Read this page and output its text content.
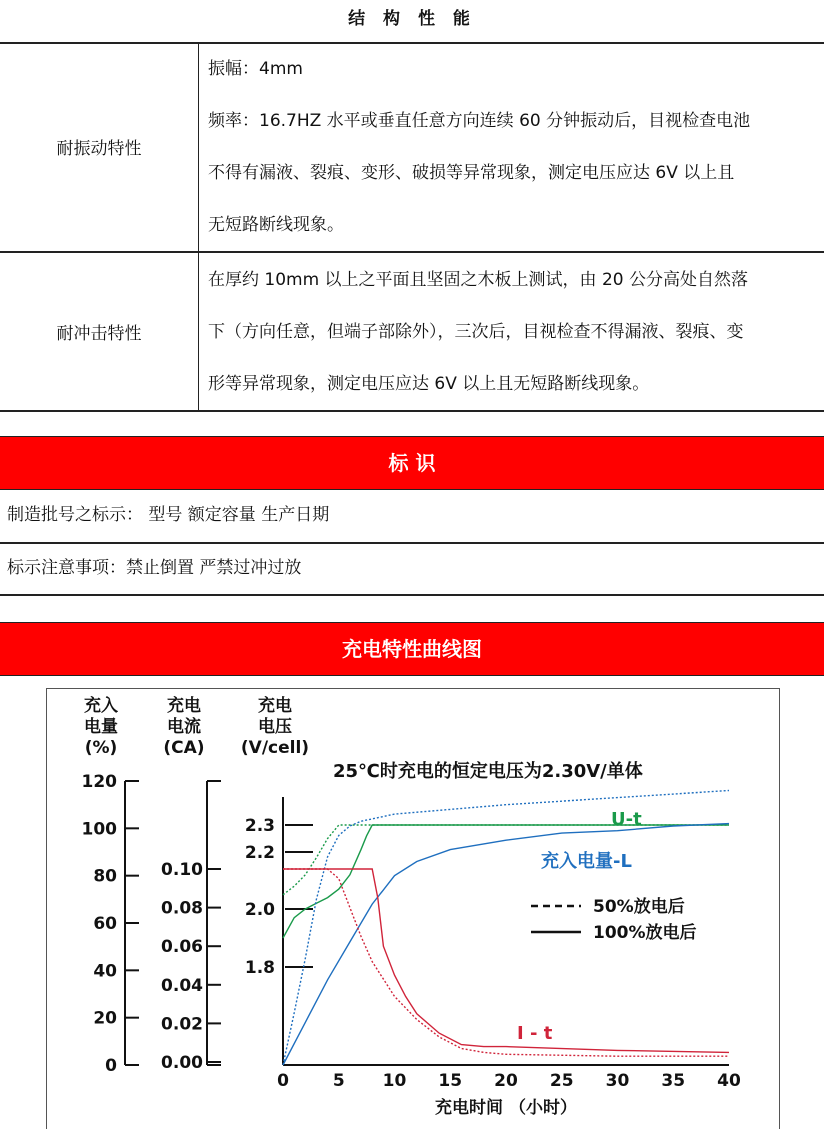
结 构 性 能
耐振动特性	振幅：4mm

频率：16.7HZ 水平或垂直任意方向连续 60 分钟振动后，目视检查电池

不得有漏液、裂痕、变形、破损等异常现象，测定电压应达 6V 以上且

无短路断线现象。

耐冲击特性	在厚约 10mm 以上之平面且坚固之木板上测试，由 20 公分高处自然落

下（方向任意，但端子部除外），三次后，目视检查不得漏液、裂痕、变

形等异常现象，测定电压应达 6V 以上且无短路断线现象。

标 识
制造批号之标示： 型号 额定容量 生产日期
标示注意事项：禁止倒置 严禁过冲过放
充电特性曲线图
充入
电量
(%)
充电
电流
(CA)
充电
电压
(V/cell)
25℃时充电的恒定电压为2.30V/单体
0
20
40
60
80
100
120
0.00
0.02
0.04
0.06
0.08
0.10
1.8
2.0
2.2
2.3
0	5 10 15 20 25 30 35 40
充电时间 （小时）
U-t
充入电量-L
I - t
50%放电后
100%放电后
